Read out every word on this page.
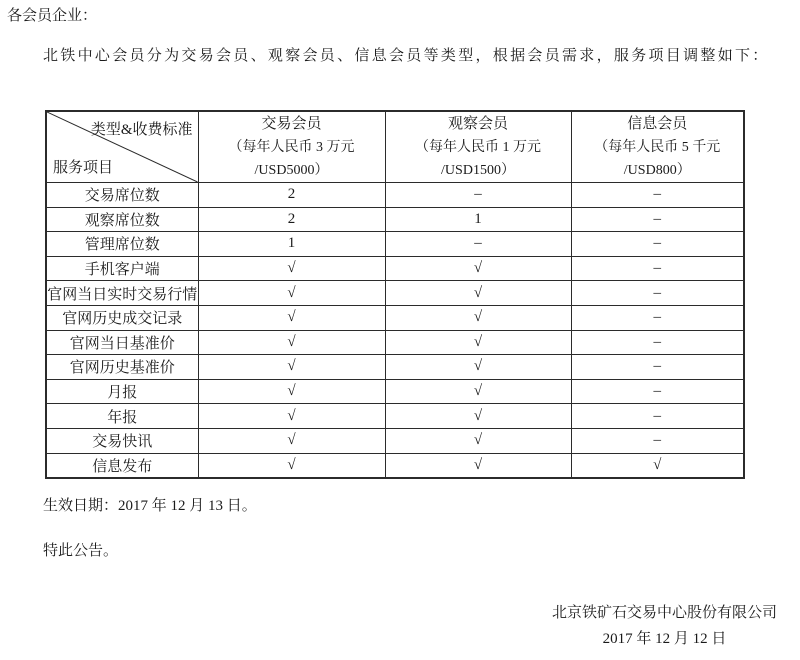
各会员企业：
北铁中心会员分为交易会员、观察会员、信息会员等类型，根据会员需求，服务项目调整如下：
类型&收费标准
服务项目

交易会员
（每年人民币 3 万元
/USD5000）

观察会员
（每年人民币 1 万元
/USD1500）

信息会员
（每年人民币 5 千元
/USD800）

交易席位数	2	–	–
观察席位数	2	1	–
管理席位数	1	–	–
手机客户端	√	√	–
官网当日实时交易行情	√	√	–
官网历史成交记录	√	√	–
官网当日基准价	√	√	–
官网历史基准价	√	√	–
月报	√	√	–
年报	√	√	–
交易快讯	√	√	–
信息发布	√	√	√
生效日期：2017 年 12 月 13 日。
特此公告。
北京铁矿石交易中心股份有限公司
2017 年 12 月 12 日
